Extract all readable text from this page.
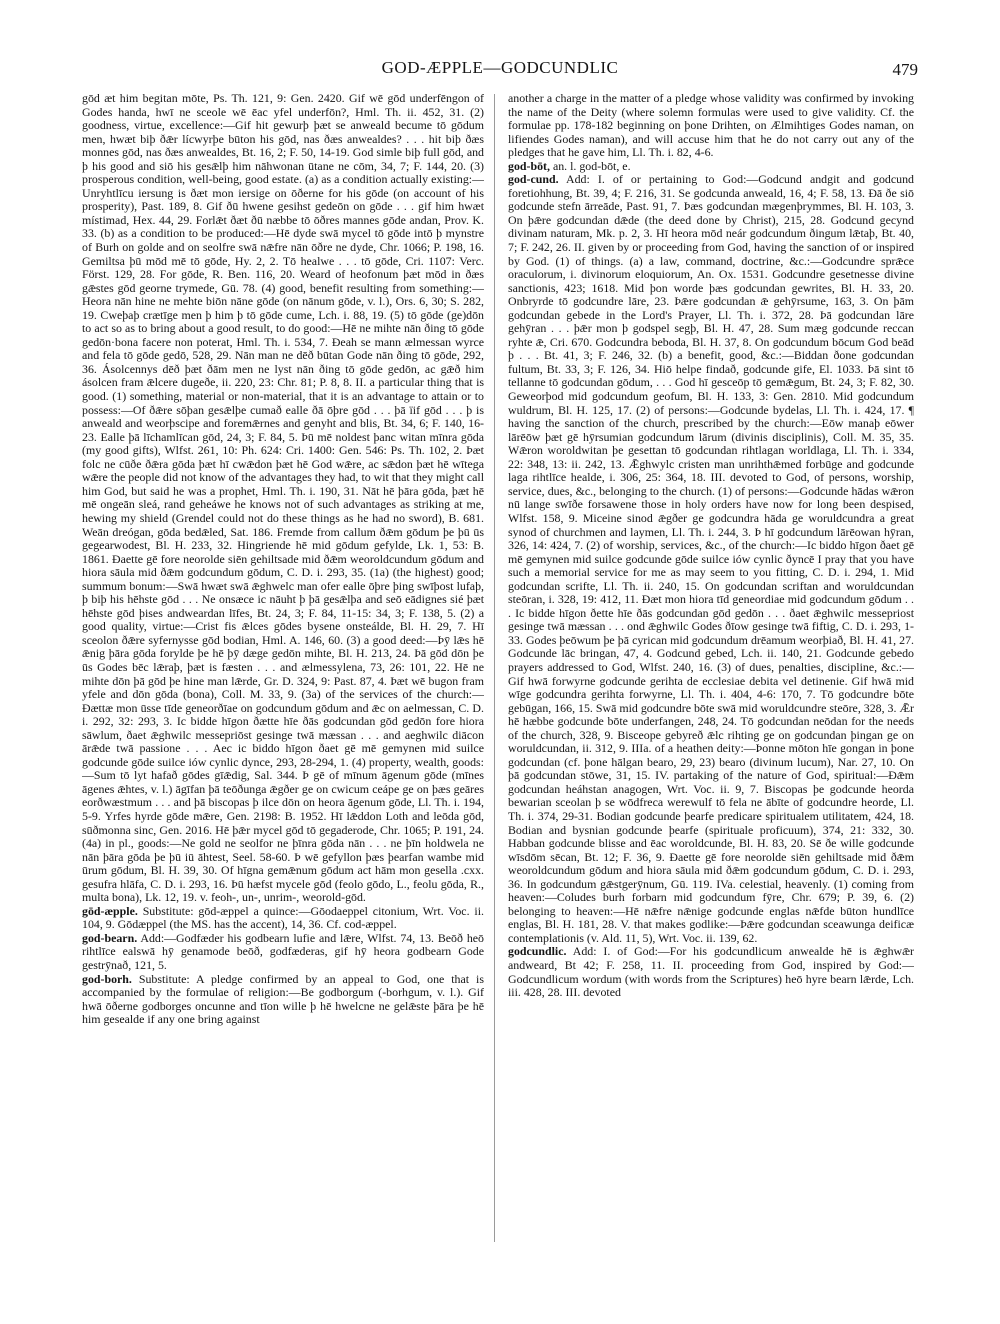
GOD-ÆPPLE—GODCUNDLIC	479

gōd æt him begitan mōte, Ps. Th. 121, 9: Gen. 2420. Gif wē gōd underfēngon of Godes handa, hwī ne sceole wē ēac yfel underfōn?, Hml. Th. ii. 452, 31. (2) goodness, virtue, excellence:—Gif hit gewurþ þæt se anweald becume tō gōdum men, hwæt biþ ðǣr lícwyrþe būton his gōd, nas ðæs anwealdes? . . . hit biþ ðæs monnes gōd, nas ðæs anwealdes, Bt. 16, 2; F. 50, 14-19. God simle biþ full gōd, and þ his good and siō his gesǣlþ him nāhwonan ūtane ne cōm, 34, 7; F. 144, 20. (3) prosperous condition, well-being, good estate. (a) as a condition actually existing:—Unryhtlīcu iersung is ðæt mon iersige on ōðerne for his gōde (on account of his prosperity), Past. 189, 8. Gif ðū hwene gesihst gedeōn on gōde . . . gif him hwæt místimad, Hex. 44, 29. Forlǣt ðæt ðū næbbe tō ōðres mannes gōde andan, Prov. K. 33. (b) as a condition to be produced:—Hē dyde swā mycel tō gōde intō þ mynstre of Burh on golde and on seolfre swā nǣfre nān ōðre ne dyde, Chr. 1066; P. 198, 16. Gemiltsa þū mōd mē tō gōde, Hy. 2, 2. Tō healwe . . . tō gōde, Cri. 1107: Verc. Först. 129, 28. For gōde, R. Ben. 116, 20. Weard of heofonum þæt mōd in ðæs gǣstes gōd georne trymede, Gū. 78. (4) good, benefit resulting from something:—Heora nān hine ne mehte biōn nāne gōde (on nānum gōde, v. l.), Ors. 6, 30; S. 282, 19. Cweþaþ crætīge men þ him þ tō gōde cume, Lch. i. 88, 19. (5) tō gōde (ge)dōn to act so as to bring about a good result, to do good:—Hē ne mihte nān ðing tō gōde gedōn·bona facere non poterat, Hml. Th. i. 534, 7. Ðeah se mann ælmessan wyrce and fela tō gōde gedō, 528, 29. Nān man ne dēð būtan Gode nān ðing tō gōde, 292, 36. Ásolcennys dēð þæt ðām men ne lyst nān ðing tō gōde gedōn, ac gǣð him ásolcen fram ǣlcere dugeðe, ii. 220, 23: Chr. 81; P. 8, 8. II. a particular thing that is good. (1) something, material or non-material, that it is an advantage to attain or to possess:—Of ðǣre sōþan gesǣlþe cumað ealle ðā ōþre gōd . . . þā ïif gōd . . . þ is anweald and weorþscipe and foremǣrnes and genyht and blis, Bt. 34, 6; F. 140, 16-23. Ealle þā līchamlīcan gōd, 24, 3; F. 84, 5. Þū mē noldest þanc witan mīnra gōda (my good gifts), Wlfst. 261, 10: Ph. 624: Cri. 1400: Gen. 546: Ps. Th. 102, 2. Þæt folc ne cūðe ðǣra gōda þæt hī cwǣdon þæt hē God wǣre, ac sǣdon þæt hē wītega wǣre the people did not know of the advantages they had, to wit that they might call him God, but said he was a prophet, Hml. Th. i. 190, 31. Nāt hē þāra gōda, þæt hē mē ongeān sleá, rand geheáwe he knows not of such advantages as striking at me, hewing my shield (Grendel could not do these things as he had no sword), B. 681. Weān dreógan, gōda bedǣled, Sat. 186. Fremde from callum ðǣm gōdum þe þū ūs gegearwodest, Bl. H. 233, 32. Hingriende hē mid gōdum gefylde, Lk. 1, 53: B. 1861. Ðaette gē fore neorolde siēn gehiltsade mid ðǣm weoroldcundum gōdum and hiora sāula mid ðǣm godcundum gōdum, C. D. i. 293, 35. (1a) (the highest) good; summum bonum:—Swā hwæt swā ǣghwelc man ofer ealle ōþre þing swīþost lufaþ, þ biþ his hēhste gōd . . . Ne onsæce ic nāuht þ þā gesǣlþa and seō eādignes sié þæt hēhste gōd þises andweardan līfes, Bt. 24, 3; F. 84, 11-15: 34, 3; F. 138, 5. (2) a good quality, virtue:—Crist fis ǣlces gōdes bysene onsteálde, Bl. H. 29, 7. Hī sceolon ðǣre syfernysse gōd bodian, Hml. A. 146, 60. (3) a good deed:—Þȳ lǣs hē ǣnig þāra gōda forylde þe hē þȳ dæge gedōn mihte, Bl. H. 213, 24. Þā gōd dōn þe ūs Godes bēc lǣraþ, þæt is fæsten . . . and ælmessylena, 73, 26: 101, 22. Hē ne mihte dōn þā gōd þe hine man lǣrde, Gr. D. 324, 9: Past. 87, 4. Þæt wē bugon fram yfele and dōn gōda (bona), Coll. M. 33, 9. (3a) of the services of the church:—Ðættæ mon ūsse tīde geneorðīae on godcundum gōdum and ǣc on aelmessan, C. D. i. 292, 32: 293, 3. Ic bidde hīgon ðætte hīe ðās godcundan gōd gedōn fore hiora sāwlum, ðaet ǣghwilc messepriōst gesinge twā mæssan . . . and aeghwilc diācon ārǣde twā passione . . . Aec ic biddo hīgon ðaet gē mē gemynen mid suilce godcunde gōde suilce iów cynlic dynce, 293, 28-294, 1. (4) property, wealth, goods:—Sum tō lyt hafað gōdes gīǣdig, Sal. 344. Þ gē of mīnum āgenum gōde (mīnes āgenes ǣhtes, v. l.) āgīfan þā teōðunga ǣgðer ge on cwicum ceápe ge on þæs geāres eorðwæstmum . . . and þā biscopas þ ilce dōn on heora āgenum gōde, Ll. Th. i. 194, 5-9. Yrfes hyrde gōde mǣre, Gen. 2198: B. 1952. Hī lǣddon Loth and leōda gōd, sūðmonna sinc, Gen. 2016. Hē þǣr mycel gōd tō gegaderode, Chr. 1065; P. 191, 24. (4a) in pl., goods:—Ne gold ne seolfor ne þīnra gōda nān . . . ne þīn holdwela ne nān þāra gōda þe þū iū āhtest, Seel. 58-60. Þ wē gefyllon þæs þearfan wambe mid ūrum gōdum, Bl. H. 39, 30. Of hīgna gemǣnum gōdum act hām mon gesella .cxx. gesufra hlāfa, C. D. i. 293, 16. Þū hæfst mycele gōd (feolo gōdo, L., feolu gōda, R., multa bona), Lk. 12, 19. v. feoh-, un-, unrim-, weorold-gōd.

gōd-æpple. Substitute: gōd-æppel a quince:—Gōodaeppel citonium, Wrt. Voc. ii. 104, 9. Gōdæppel (the MS. has the accent), 14, 36. Cf. cod-æppel.

god-bearn. Add:—Godfæder his godbearn lufie and lǣre, Wlfst. 74, 13. Beōð heō rihtlīce ealswā hȳ genamode beōð, godfæderas, gif hȳ heora godbearn Gode gestrȳnað, 121, 5.

god-borh. Substitute: A pledge confirmed by an appeal to God, one that is accompanied by the formulae of religion:—Be godborgum (-borhgum, v. l.). Gif hwā ōðerne godborges oncunne and tīon wille þ hē hwelcne ne gelǣste þāra þe hē him gesealde if any one bring against

another a charge in the matter of a pledge whose validity was confirmed by invoking the name of the Deity (where solemn formulas were used to give validity. Cf. the formulae pp. 178-182 beginning on þone Drihten, on Ælmihtiges Godes naman, on lifiendes Godes naman), and will accuse him that he do not carry out any of the pledges that he gave him, Ll. Th. i. 82, 4-6.

god-bōt, an. l. god-bōt, e.

god-cund. Add: I. of or pertaining to God:—Godcund andgit and godcund foretiohhung, Bt. 39, 4; F. 216, 31. Se godcunda anweald, 16, 4; F. 58, 13. Ðā ðe siō godcunde stefn ārreāde, Past. 91, 7. Þæs godcundan mægenþrymmes, Bl. H. 103, 3. On þǣre godcundan dǣde (the deed done by Christ), 215, 28. Godcund gecynd divinam naturam, Mk. p. 2, 3. Hī heora mōd neár godcundum ðingum lǣtaþ, Bt. 40, 7; F. 242, 26. II. given by or proceeding from God, having the sanction of or inspired by God. (1) of things. (a) a law, command, doctrine, &c.:—Godcundre sprǣce oraculorum, i. divinorum eloquiorum, An. Ox. 1531. Godcundre gesetnesse divine sanctionis, 423; 1618. Mid þon worde þæs godcundan gewrites, Bl. H. 33, 20. Onbryrde tō godcundre lāre, 23. Þǣre godcundan ǣ gehȳrsume, 163, 3. On þām godcundan gebede in the Lord's Prayer, Ll. Th. i. 372, 28. Þā godcundan lāre gehȳran . . . þǣr mon þ godspel segþ, Bl. H. 47, 28. Sum mæg godcunde reccan ryhte ǣ, Cri. 670. Godcundra beboda, Bl. H. 37, 8. On godcundum bōcum God beād þ . . . Bt. 41, 3; F. 246, 32. (b) a benefit, good, &c.:—Biddan ðone godcundan fultum, Bt. 33, 3; F. 126, 34. Hiō helpe findað, godcunde gife, El. 1033. Þā sint tō tellanne tō godcundan gōdum, . . . God hī gesceōp tō gemǣgum, Bt. 24, 3; F. 82, 30. Geweorþod mid godcundum geofum, Bl. H. 133, 3: Gen. 2810. Mid godcundum wuldrum, Bl. H. 125, 17. (2) of persons:—Godcunde bydelas, Ll. Th. i. 424, 17. ¶ having the sanction of the church, prescribed by the church:—Eōw manaþ eōwer lārēōw þæt gē hȳrsumian godcundum lārum (divinis disciplinis), Coll. M. 35, 35. Wǣron woroldwitan þe gesettan tō godcundan rihtlagan worldlaga, Ll. Th. i. 334, 22: 348, 13: ii. 242, 13. Ǣghwylc cristen man unrihthǣmed forbūge and godcunde laga rihtlīce healde, i. 306, 25: 364, 18. III. devoted to God, of persons, worship, service, dues, &c., belonging to the church. (1) of persons:—Godcunde hādas wǣron nū lange swīðe forsawene those in holy orders have now for long been despised, Wlfst. 158, 9. Miceine sinod ǣgðer ge godcundra hāda ge woruldcundra a great synod of churchmen and laymen, Ll. Th. i. 244, 3. Þ hī godcundum lārēowan hȳran, 326, 14: 424, 7. (2) of worship, services, &c., of the church:—Ic biddo hīgon ðaet gē mē gemynen mid suilce godcunde gōde suilce iów cynlic ðyncē I pray that you have such a memorial service for me as may seem to you fitting, C. D. i. 294, 1. Mid godcundan scrifte, Ll. Th. ii. 240, 15. On godcundan scriftan and woruldcundan steōran, i. 328, 19: 412, 11. Ðæt mon hiora tīd geneordiae mid godcundum gōdum . . . Ic bidde hīgon ðette hīe ðās godcundan gōd gedōn . . . ðaet ǣghwilc messepriost gesinge twā mæssan . . . ond ǣghwilc Godes ðīow gesinge twā fiftig, C. D. i. 293, 1-33. Godes þeōwum þe þā cyrican mid godcundum drēamum weorþiað, Bl. H. 41, 27. Godcunde lāc bringan, 47, 4. Godcund gebed, Lch. ii. 140, 21. Godcunde gebedo prayers addressed to God, Wlfst. 240, 16. (3) of dues, penalties, discipline, &c.:—Gif hwā forwyrne godcunde gerihta de ecclesiae debita vel detinenie. Gif hwā mid wīge godcundra gerihta forwyrne, Ll. Th. i. 404, 4-6: 170, 7. Tō godcundre bōte gebūgan, 166, 15. Swā mid godcundre bōte swā mid woruldcundre steōre, 328, 3. Ǣr hē hæbbe godcunde bōte underfangen, 248, 24. Tō godcundan neōdan for the needs of the church, 328, 9. Bisceope gebyreð ǣlc rihting ge on godcundan þingan ge on woruldcundan, ii. 312, 9. IIIa. of a heathen deity:—Þonne mōton hīe gongan in þone godcundan (cf. þone hālgan bearo, 29, 23) bearo (divinum lucum), Nar. 27, 10. On þā godcundan stōwe, 31, 15. IV. partaking of the nature of God, spiritual:—Ðǣm godcundan heáhstan anagogen, Wrt. Voc. ii. 9, 7. Biscopas þe godcunde heorda bewarian sceolan þ se wōdfreca werewulf tō fela ne ābīte of godcundre heorde, Ll. Th. i. 374, 29-31. Bodian godcunde þearfe predicare spiritualem utilitatem, 424, 18. Bodian and bysnian godcunde þearfe (spirituale proficuum), 374, 21: 332, 30. Habban godcunde blisse and ēac woroldcunde, Bl. H. 83, 20. Sē ðe wille godcunde wīsdōm sēcan, Bt. 12; F. 36, 9. Ðaette gē fore neorolde siēn gehiltsade mid ðǣm weoroldcundum gōdum and hiora sāula mid ðǣm godcundum gōdum, C. D. i. 293, 36. In godcundum gǣstgerȳnum, Gū. 119. IVa. celestial, heavenly. (1) coming from heaven:—Coludes burh forbarn mid godcundum fȳre, Chr. 679; P. 39, 6. (2) belonging to heaven:—Hē nǣfre nǣnige godcunde englas nǣfde būton hundlīce englas, Bl. H. 181, 28. V. that makes godlike:—Þǣre godcundan sceawunga deificæ contemplationis (v. Ald. 11, 5), Wrt. Voc. ii. 139, 62.

godcundlic. Add: I. of God:—For his godcundlicum anwealde hē is ǣghwǣr andweard, Bt 42; F. 258, 11. II. proceeding from God, inspired by God:—Godcundlicum wordum (with words from the Scriptures) heō hyre bearn lǣrde, Lch. iii. 428, 28. III. devoted
